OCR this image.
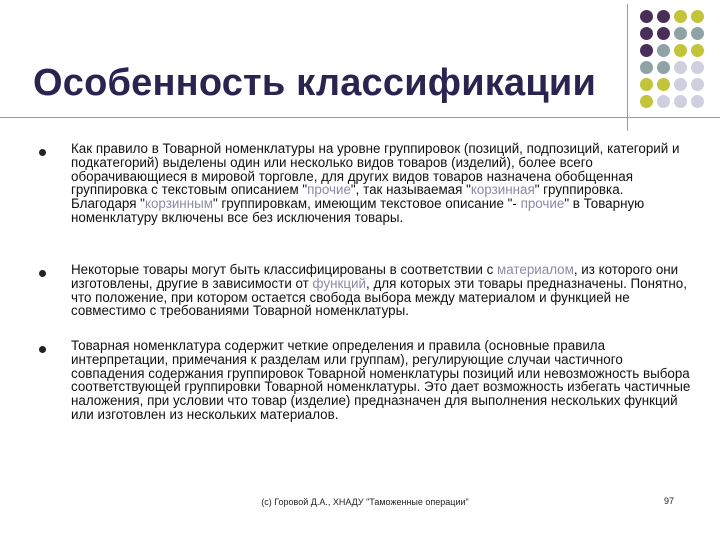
Особенность классификации
Как правило в Товарной номенклатуры на уровне группировок (позиций, подпозиций, категорий и подкатегорий) выделены один или несколько видов товаров (изделий), более всего оборачивающиеся в мировой торговле, для других видов товаров назначена обобщенная группировка с текстовым описанием "прочие", так называемая "корзинная" группировка. Благодаря "корзинным" группировкам, имеющим текстовое описание "- прочие" в Товарную номенклатуру включены все без исключения товары.
Некоторые товары могут быть классифицированы в соответствии с материалом, из которого они изготовлены, другие в зависимости от функций, для которых эти товары предназначены. Понятно, что положение, при котором остается свобода выбора между материалом и функцией не совместимо с требованиями Товарной номенклатуры.
Товарная номенклатура содержит четкие определения и правила (основные правила интерпретации, примечания к разделам или группам), регулирующие случаи частичного совпадения содержания группировок Товарной номенклатуры позиций или невозможность выбора соответствующей группировки Товарной номенклатуры. Это дает возможность избегать частичные наложения, при условии что товар (изделие) предназначен для выполнения нескольких функций или изготовлен из нескольких материалов.
(c) Горовой Д.А., ХНАДУ "Таможенные операции"	97
